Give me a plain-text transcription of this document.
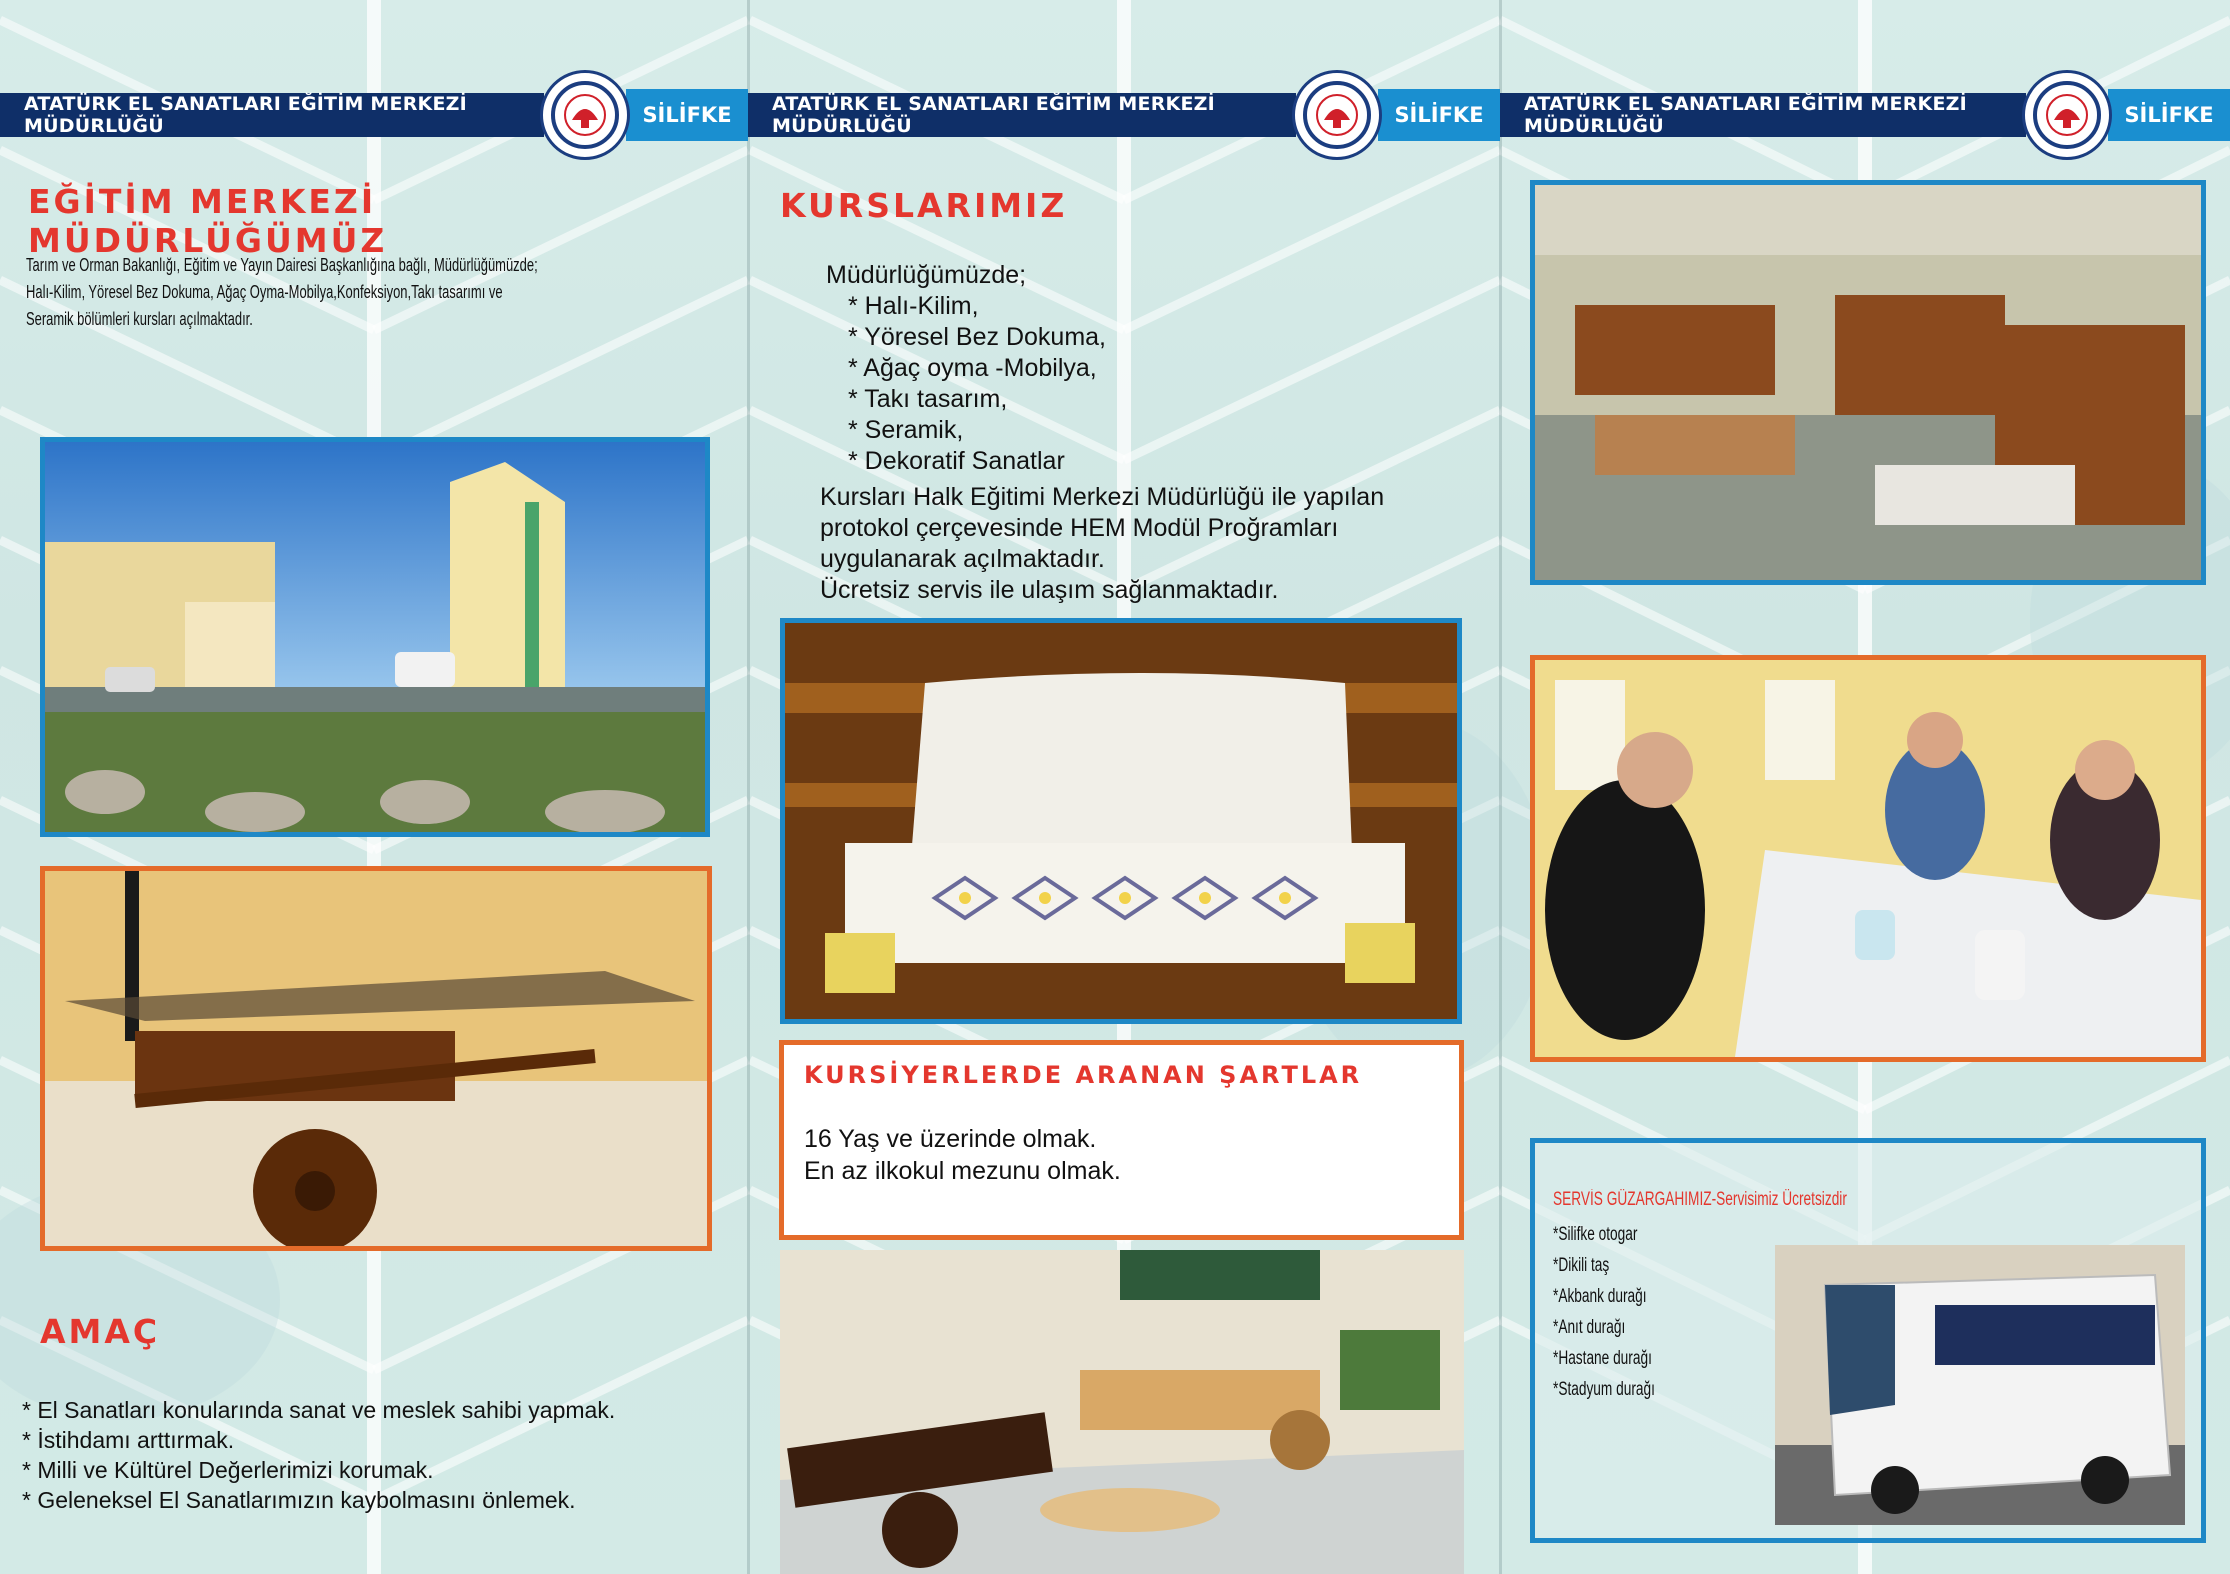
ATATÜRK EL SANATLARI EĞİTİM MERKEZİ MÜDÜRLÜĞÜ	SİLİFKE
EĞİTİM MERKEZİ MÜDÜRLÜĞÜMÜZ
Tarım ve Orman Bakanlığı, Eğitim ve Yayın Dairesi Başkanlığına bağlı, Müdürlüğümüzde;
Halı-Kilim, Yöresel Bez Dokuma, Ağaç Oyma-Mobilya,Konfeksiyon,Takı tasarımı ve
Seramik bölümleri kursları açılmaktadır.
AMAÇ
* El Sanatları konularında sanat ve meslek sahibi yapmak.
* İstihdamı arttırmak.
* Milli ve Kültürel Değerlerimizi korumak.
* Geleneksel El Sanatlarımızın kaybolmasını önlemek.
ATATÜRK EL SANATLARI EĞİTİM MERKEZİ MÜDÜRLÜĞÜ	SİLİFKE
KURSLARIMIZ
Müdürlüğümüzde;
* Halı-Kilim,
* Yöresel Bez Dokuma,
* Ağaç oyma -Mobilya,
* Takı tasarım,
* Seramik,
* Dekoratif Sanatlar
Kursları Halk Eğitimi Merkezi Müdürlüğü ile yapılan
protokol çerçevesinde HEM Modül Proğramları
uygulanarak açılmaktadır.
Ücretsiz servis ile ulaşım sağlanmaktadır.
KURSİYERLERDE ARANAN ŞARTLAR
16 Yaş ve üzerinde olmak.
En az ilkokul mezunu olmak.
ATATÜRK EL SANATLARI EĞİTİM MERKEZİ MÜDÜRLÜĞÜ	SİLİFKE
SERVİS GÜZARGAHIMIZ-Servisimiz Ücretsizdir
*Silifke otogar
*Dikili taş
*Akbank durağı
*Anıt durağı
*Hastane durağı
*Stadyum durağı
